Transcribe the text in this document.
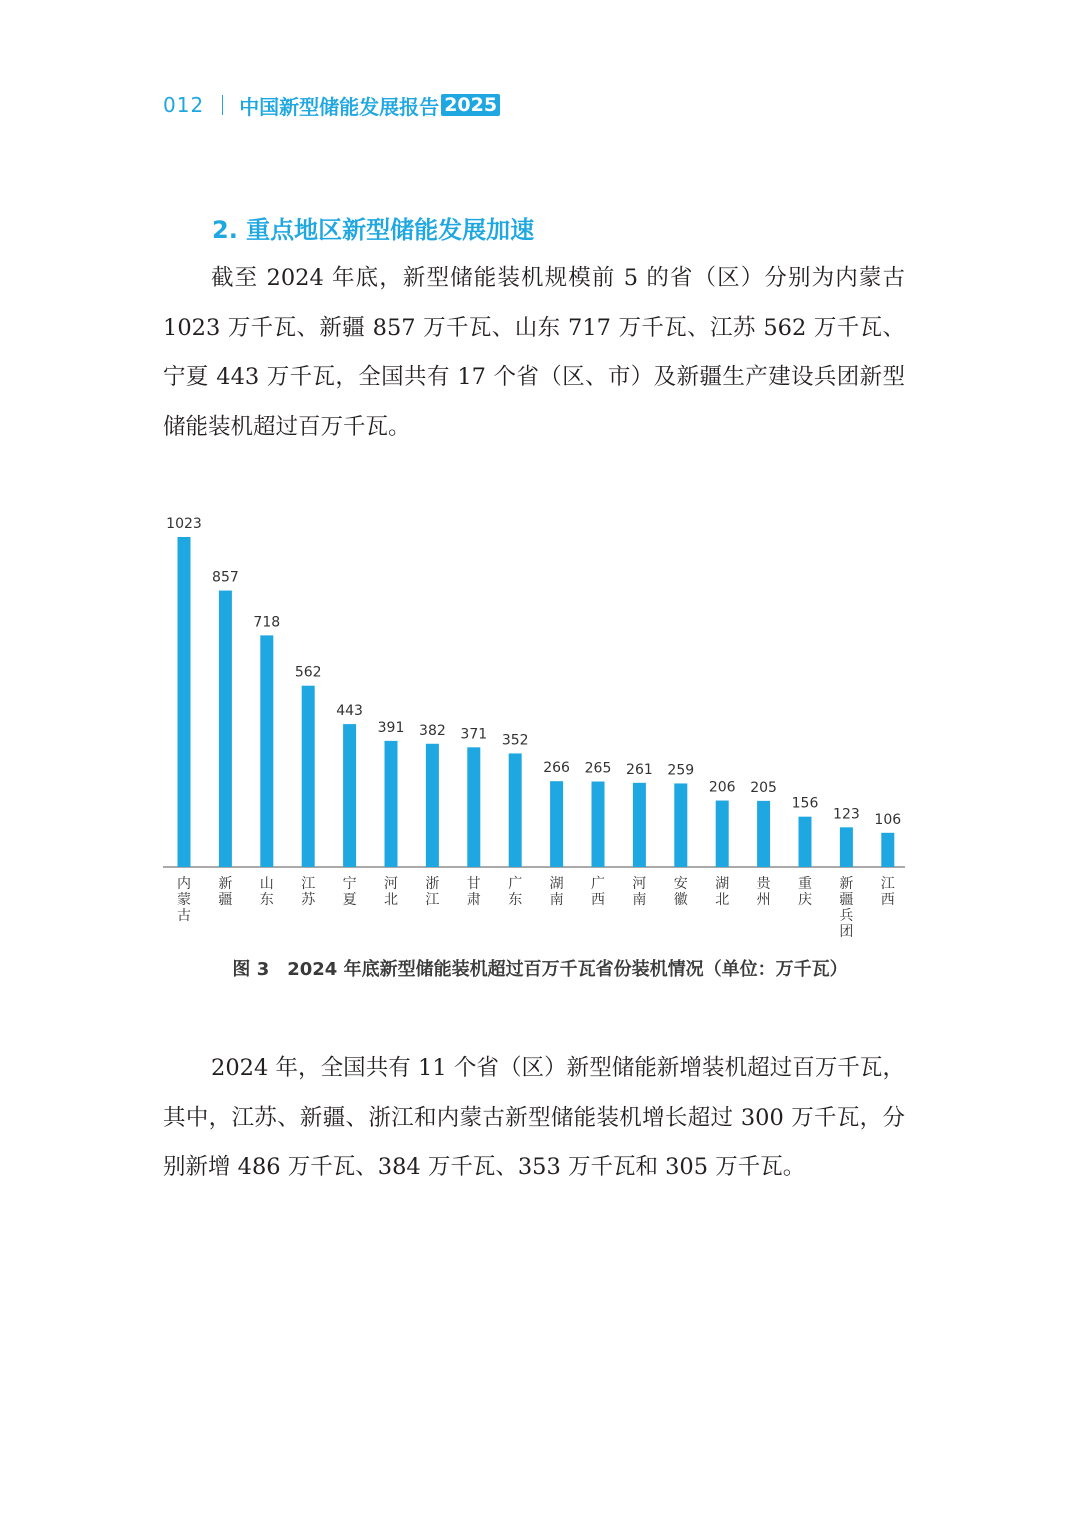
012 中国新型储能发展报告 2025
2. 重点地区新型储能发展加速

截至 2024 年底，新型储能装机规模前 5 的省（区）分别为内蒙古 1023 万千瓦、新疆 857 万千瓦、山东 717 万千瓦、江苏 562 万千瓦、宁夏 443 万千瓦，全国共有 17 个省（区、市）及新疆生产建设兵团新型储能装机超过百万千瓦。

1023
内蒙古
857
新疆
718
山东
562
江苏
443
宁夏
391
河北
382
浙江
371
甘肃
352
广东
266
湖南
265
广西
261
河南
259
安徽
206
湖北
205
贵州
156
重庆
123
新疆兵团
106
江西
图 3　2024 年底新型储能装机超过百万千瓦省份装机情况（单位：万千瓦）

2024 年，全国共有 11 个省（区）新型储能新增装机超过百万千瓦，其中，江苏、新疆、浙江和内蒙古新型储能装机增长超过 300 万千瓦，分别新增 486 万千瓦、384 万千瓦、353 万千瓦和 305 万千瓦。
